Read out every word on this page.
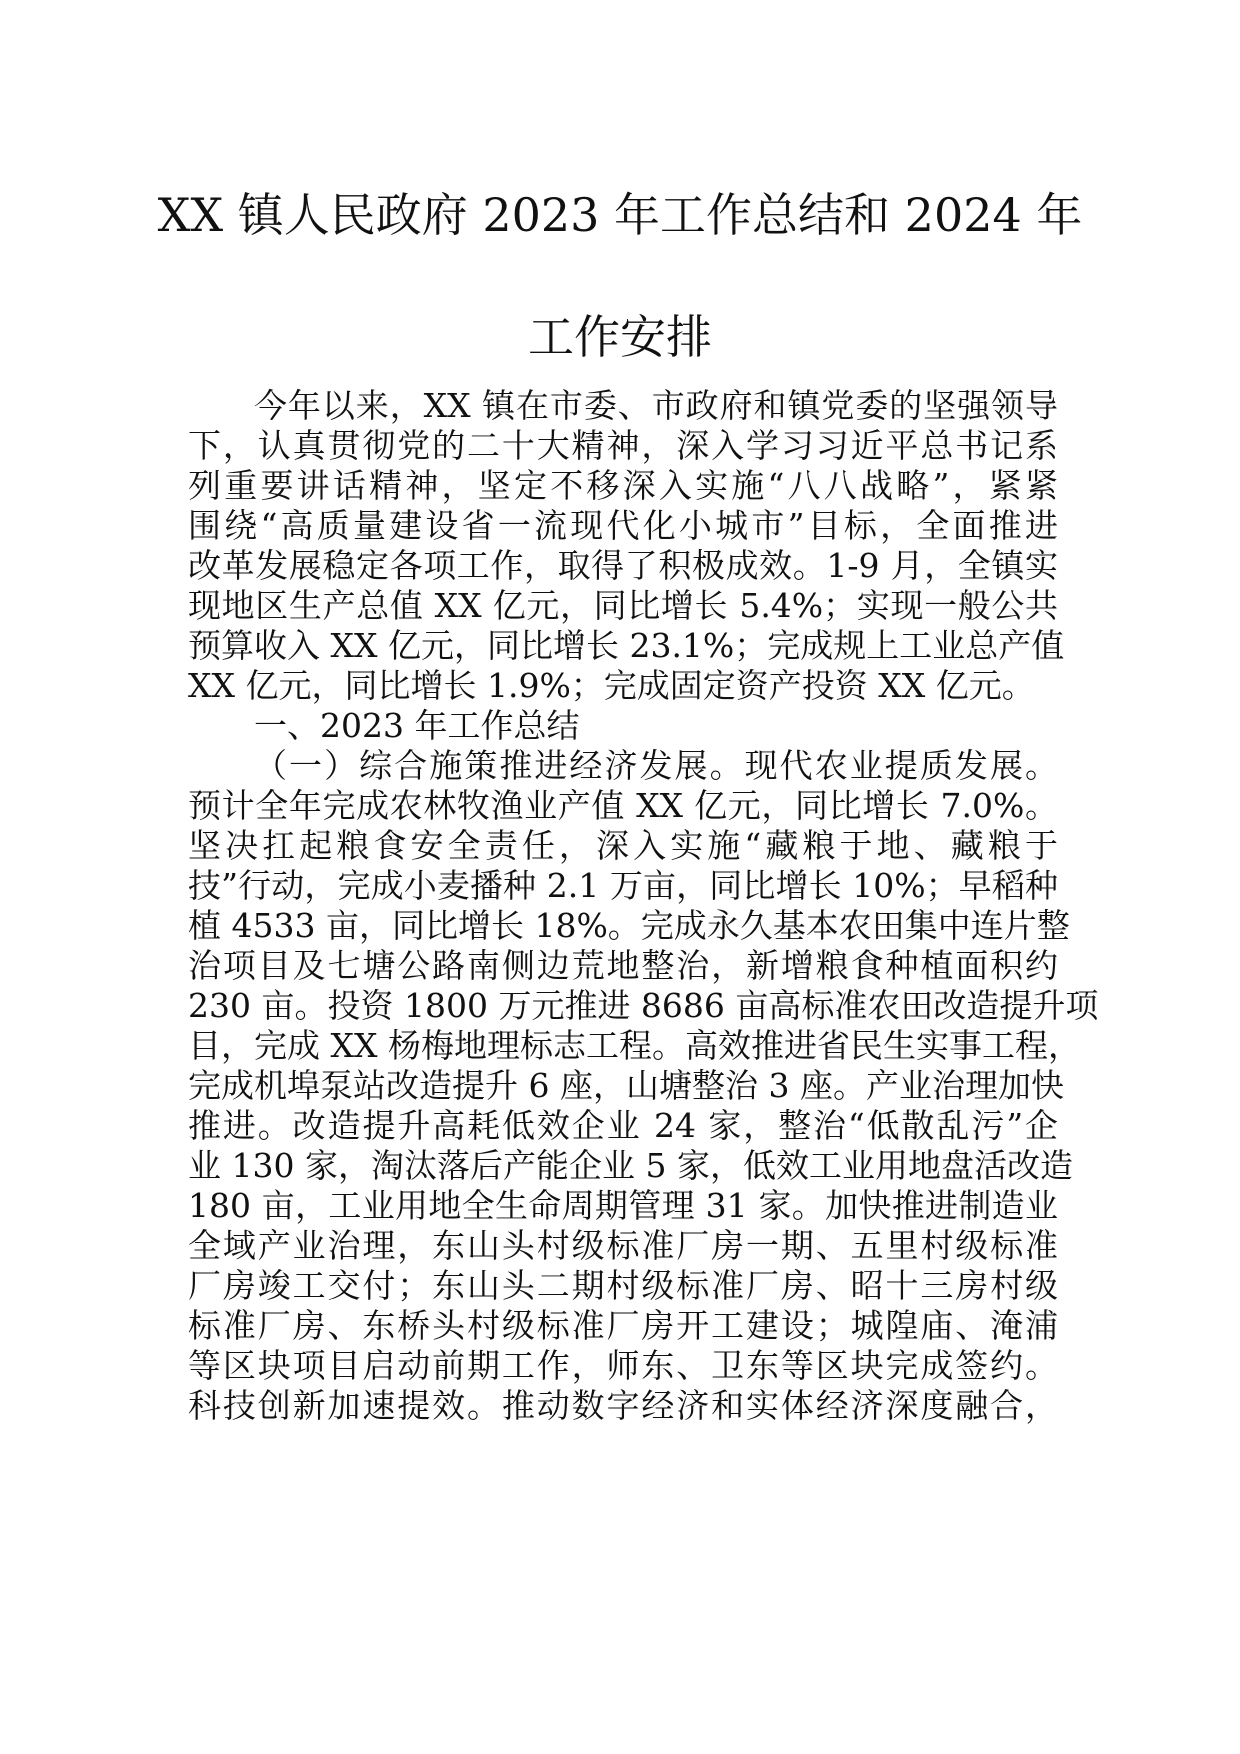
XX 镇人民政府 2023 年工作总结和 2024 年
工作安排

今年以来，XX 镇在市委、市政府和镇党委的坚强领导

下，认真贯彻党的二十大精神，深入学习习近平总书记系

列重要讲话精神，坚定不移深入实施“八八战略”，紧紧

围绕“高质量建设省一流现代化小城市”目标，全面推进

改革发展稳定各项工作，取得了积极成效。1-9 月，全镇实

现地区生产总值 XX 亿元，同比增长 5.4%；实现一般公共

预算收入 XX 亿元，同比增长 23.1%；完成规上工业总产值

XX 亿元，同比增长 1.9%；完成固定资产投资 XX 亿元。

一、2023 年工作总结

（一）综合施策推进经济发展。现代农业提质发展。

预计全年完成农林牧渔业产值 XX 亿元，同比增长 7.0%。

坚决扛起粮食安全责任，深入实施“藏粮于地、藏粮于

技”行动，完成小麦播种 2.1 万亩，同比增长 10%；早稻种

植 4533 亩，同比增长 18%。完成永久基本农田集中连片整

治项目及七塘公路南侧边荒地整治，新增粮食种植面积约

230 亩。投资 1800 万元推进 8686 亩高标准农田改造提升项

目，完成 XX 杨梅地理标志工程。高效推进省民生实事工程，

完成机埠泵站改造提升 6 座，山塘整治 3 座。产业治理加快

推进。改造提升高耗低效企业 24 家，整治“低散乱污”企

业 130 家，淘汰落后产能企业 5 家，低效工业用地盘活改造

180 亩，工业用地全生命周期管理 31 家。加快推进制造业

全域产业治理，东山头村级标准厂房一期、五里村级标准

厂房竣工交付；东山头二期村级标准厂房、昭十三房村级

标准厂房、东桥头村级标准厂房开工建设；城隍庙、淹浦

等区块项目启动前期工作，师东、卫东等区块完成签约。

科技创新加速提效。推动数字经济和实体经济深度融合，
